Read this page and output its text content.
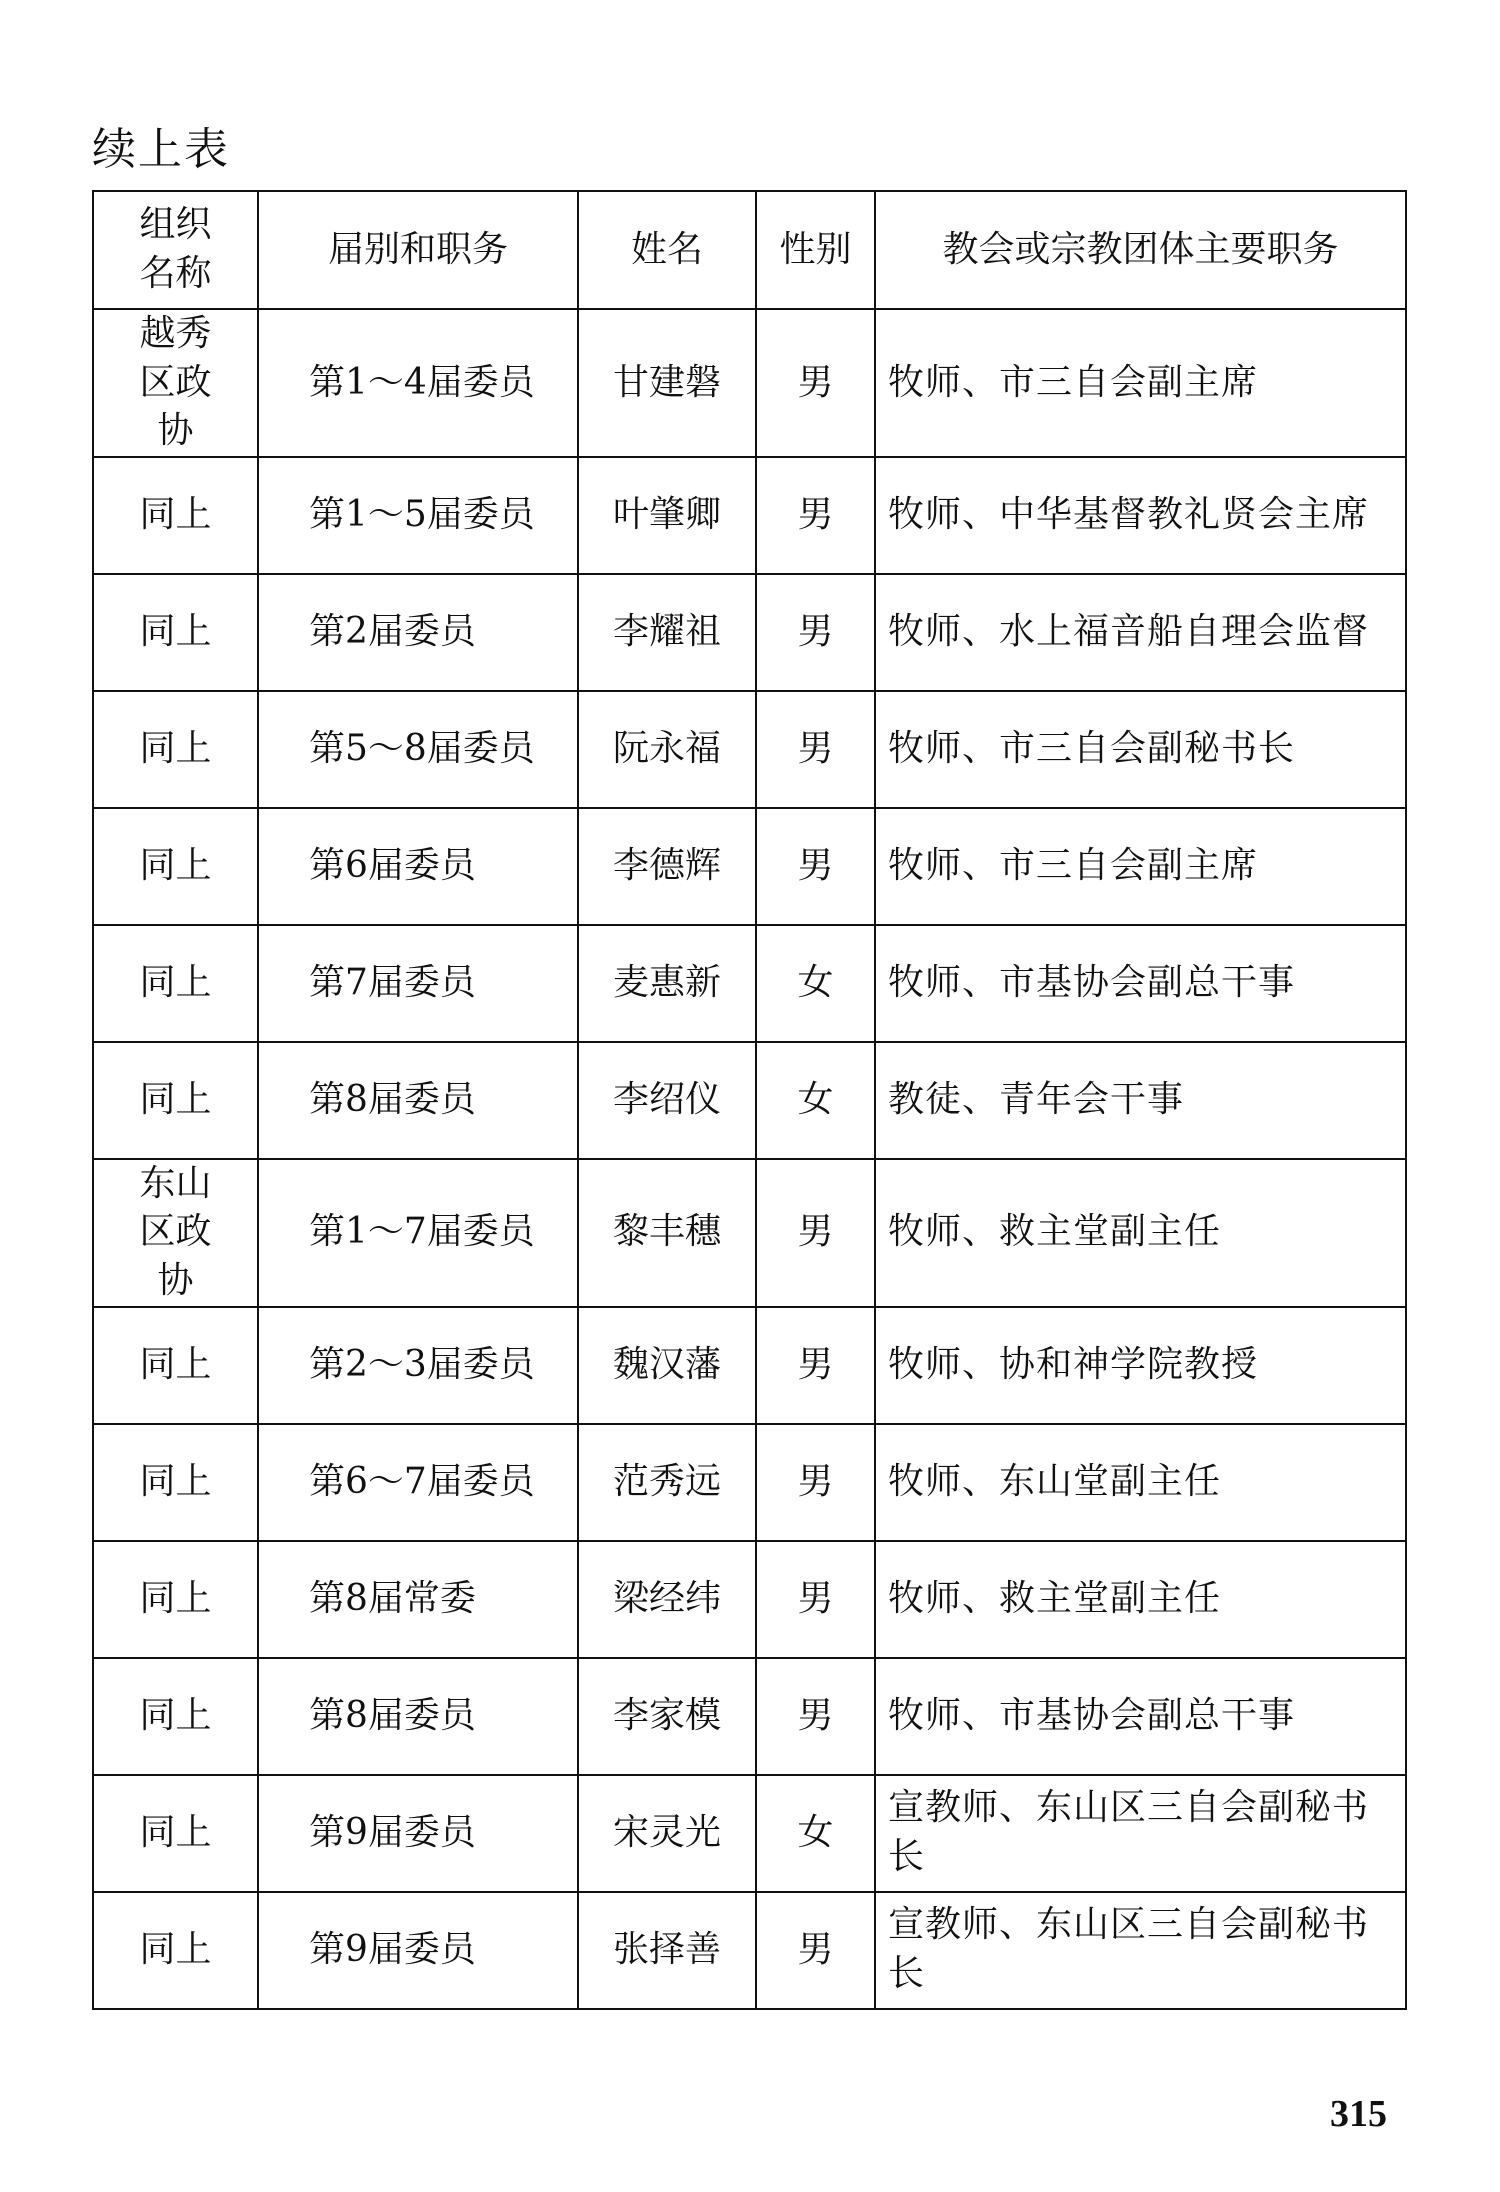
续上表
组织名称	届别和职务	姓名	性别	教会或宗教团体主要职务
越秀区政协	第1～4届委员	甘建磐	男	牧师、市三自会副主席
同上	第1～5届委员	叶肇卿	男	牧师、中华基督教礼贤会主席
同上	第2届委员	李耀祖	男	牧师、水上福音船自理会监督
同上	第5～8届委员	阮永福	男	牧师、市三自会副秘书长
同上	第6届委员	李德辉	男	牧师、市三自会副主席
同上	第7届委员	麦惠新	女	牧师、市基协会副总干事
同上	第8届委员	李绍仪	女	教徒、青年会干事
东山区政协	第1～7届委员	黎丰穗	男	牧师、救主堂副主任
同上	第2～3届委员	魏汉藩	男	牧师、协和神学院教授
同上	第6～7届委员	范秀远	男	牧师、东山堂副主任
同上	第8届常委	梁经纬	男	牧师、救主堂副主任
同上	第8届委员	李家模	男	牧师、市基协会副总干事
同上	第9届委员	宋灵光	女	宣教师、东山区三自会副秘书长
同上	第9届委员	张择善	男	宣教师、东山区三自会副秘书长
315
